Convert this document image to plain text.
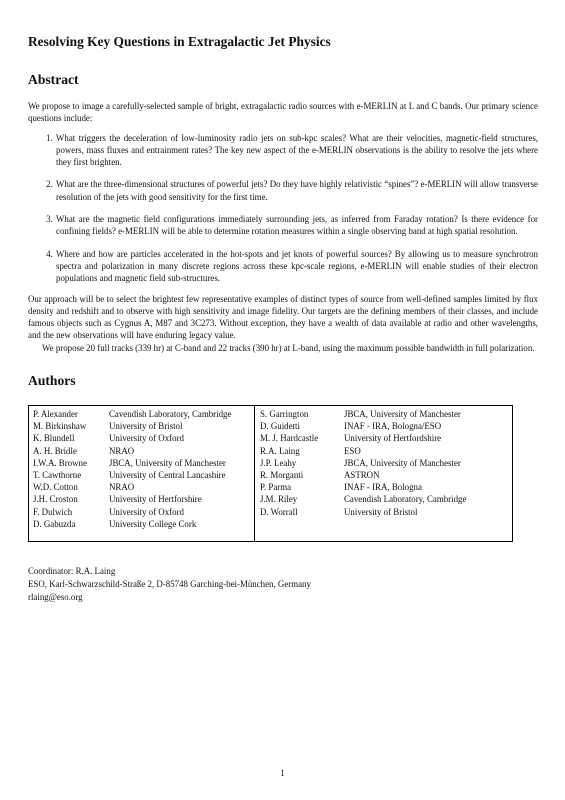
Resolving Key Questions in Extragalactic Jet Physics
Abstract

We propose to image a carefully-selected sample of bright, extragalactic radio sources with e-MERLIN at L and C bands. Our primary science questions include:

1. What triggers the deceleration of low-luminosity radio jets on sub-kpc scales? What are their velocities, magnetic-field structures, powers, mass fluxes and entrainment rates? The key new aspect of the e-MERLIN observations is the ability to resolve the jets where they first brighten.
2. What are the three-dimensional structures of powerful jets? Do they have highly relativistic “spines”? e-MERLIN will allow transverse resolution of the jets with good sensitivity for the first time.
3. What are the magnetic field configurations immediately surrounding jets, as inferred from Faraday rotation? Is there evidence for confining fields? e-MERLIN will be able to determine rotation measures within a single observing band at high spatial resolution.
4. Where and how are particles accelerated in the hot-spots and jet knots of powerful sources? By allowing us to measure synchrotron spectra and polarization in many discrete regions across these kpc-scale regions, e-MERLIN will enable studies of their electron populations and magnetic field sub-structures.

Our approach will be to select the brightest few representative examples of distinct types of source from well-defined samples limited by flux density and redshift and to observe with high sensitivity and image fidelity. Our targets are the defining members of their classes, and include famous objects such as Cygnus A, M87 and 3C273. Without exception, they have a wealth of data available at radio and other wavelengths, and the new observations will have enduring legacy value.

We propose 20 full tracks (339 hr) at C-band and 22 tracks (390 hr) at L-band, using the maximum possible bandwidth in full polarization.

Authors
P. Alexander	Cavendish Laboratory, Cambridge
M. Birkinshaw	University of Bristol
K. Blundell	University of Oxford
A. H. Bridle	NRAO
I.W.A. Browne	JBCA, University of Manchester
T. Cawthorne	University of Central Lancashire
W.D. Cotton	NRAO
J.H. Croston	University of Hertforshire
F. Dulwich	University of Oxford
D. Gabuzda	University College Cork
S. Garrington	JBCA, University of Manchester
D. Guidetti	INAF - IRA, Bologna/ESO
M. J. Hardcastle	University of Hertfordshire
R.A. Laing	ESO
J.P. Leahy	JBCA, University of Manchester
R. Morganti	ASTRON
P. Parma	INAF - IRA, Bologna
J.M. Riley	Cavendish Laboratory, Cambridge
D. Worrall	University of Bristol
Coordinator: R.A. Laing
ESO, Karl-Schwarzschild-Straße 2, D-85748 Garching-bei-München, Germany
rlaing@eso.org
1
